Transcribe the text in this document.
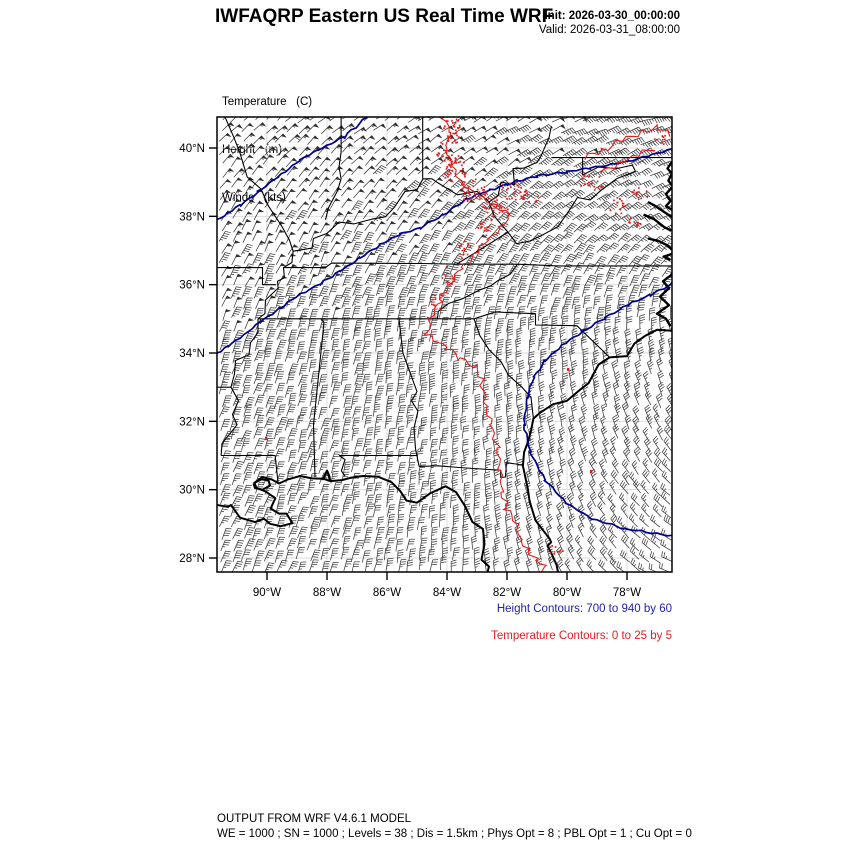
IWFAQRP Eastern US Real Time WRF
Init: 2026-03-30_00:00:00
Valid: 2026-03-31_08:00:00

Temperature   (C)

Height   (m)

Winds   (kts)

90°W	88°W	86°W	84°W	82°W	80°W	78°W
40°N
38°N
36°N
34°N
32°N
30°N
28°N
Height Contours: 700 to 940 by 60
Temperature Contours: 0 to 25 by 5
OUTPUT FROM WRF V4.6.1 MODEL
WE = 1000 ; SN = 1000 ; Levels = 38 ; Dis = 1.5km ; Phys Opt = 8 ; PBL Opt = 1 ; Cu Opt = 0
